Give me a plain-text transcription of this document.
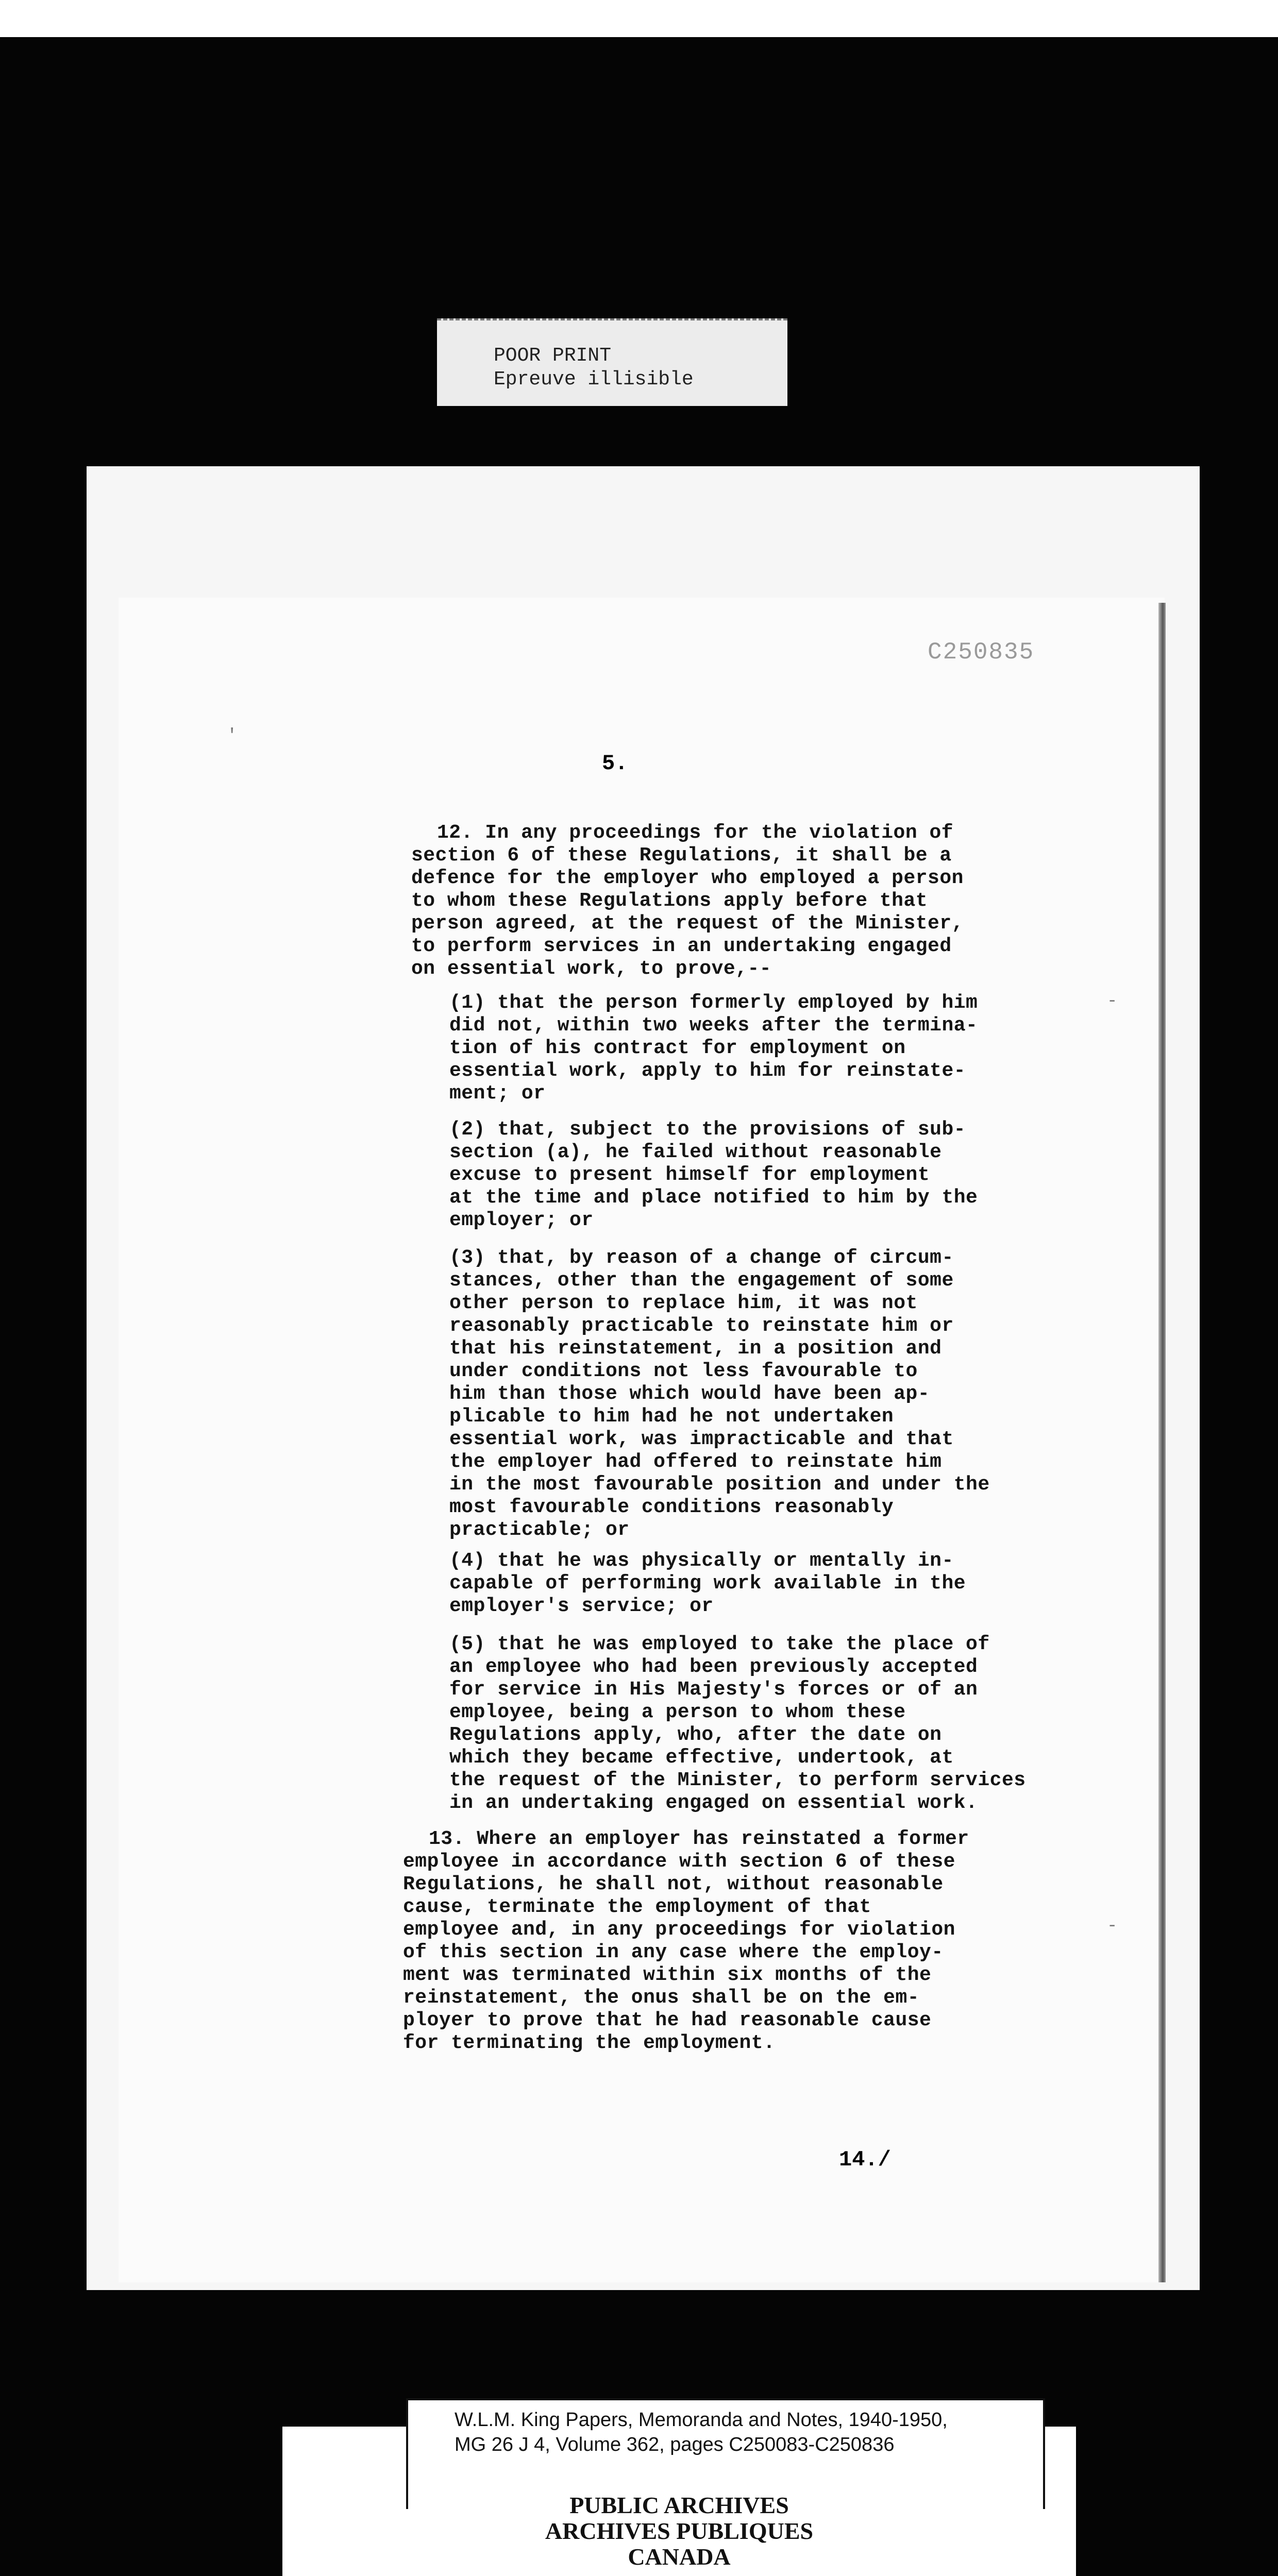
POOR PRINT
Epreuve illisible
C250835
5.
12. In any proceedings for the violation of
section 6 of these Regulations, it shall be a
defence for the employer who employed a person
to whom these Regulations apply before that
person agreed, at the request of the Minister,
to perform services in an undertaking engaged
on essential work, to prove,--
(1) that the person formerly employed by him
did not, within two weeks after the termina-
tion of his contract for employment on
essential work, apply to him for reinstate-
ment; or
(2) that, subject to the provisions of sub-
section (a), he failed without reasonable
excuse to present himself for employment
at the time and place notified to him by the
employer; or
(3) that, by reason of a change of circum-
stances, other than the engagement of some
other person to replace him, it was not
reasonably practicable to reinstate him or
that his reinstatement, in a position and
under conditions not less favourable to
him than those which would have been ap-
plicable to him had he not undertaken
essential work, was impracticable and that
the employer had offered to reinstate him
in the most favourable position and under the
most favourable conditions reasonably
practicable; or
(4) that he was physically or mentally in-
capable of performing work available in the
employer's service; or
(5) that he was employed to take the place of
an employee who had been previously accepted
for service in His Majesty's forces or of an
employee, being a person to whom these
Regulations apply, who, after the date on
which they became effective, undertook, at
the request of the Minister, to perform services
in an undertaking engaged on essential work.
13. Where an employer has reinstated a former
employee in accordance with section 6 of these
Regulations, he shall not, without reasonable
cause, terminate the employment of that
employee and, in any proceedings for violation
of this section in any case where the employ-
ment was terminated within six months of the
reinstatement, the onus shall be on the em-
ployer to prove that he had reasonable cause
for terminating the employment.
'
-
-
14./
W.L.M. King Papers, Memoranda and Notes, 1940-1950,
MG 26 J 4, Volume 362, pages C250083-C250836
PUBLIC ARCHIVES
ARCHIVES PUBLIQUES
CANADA
